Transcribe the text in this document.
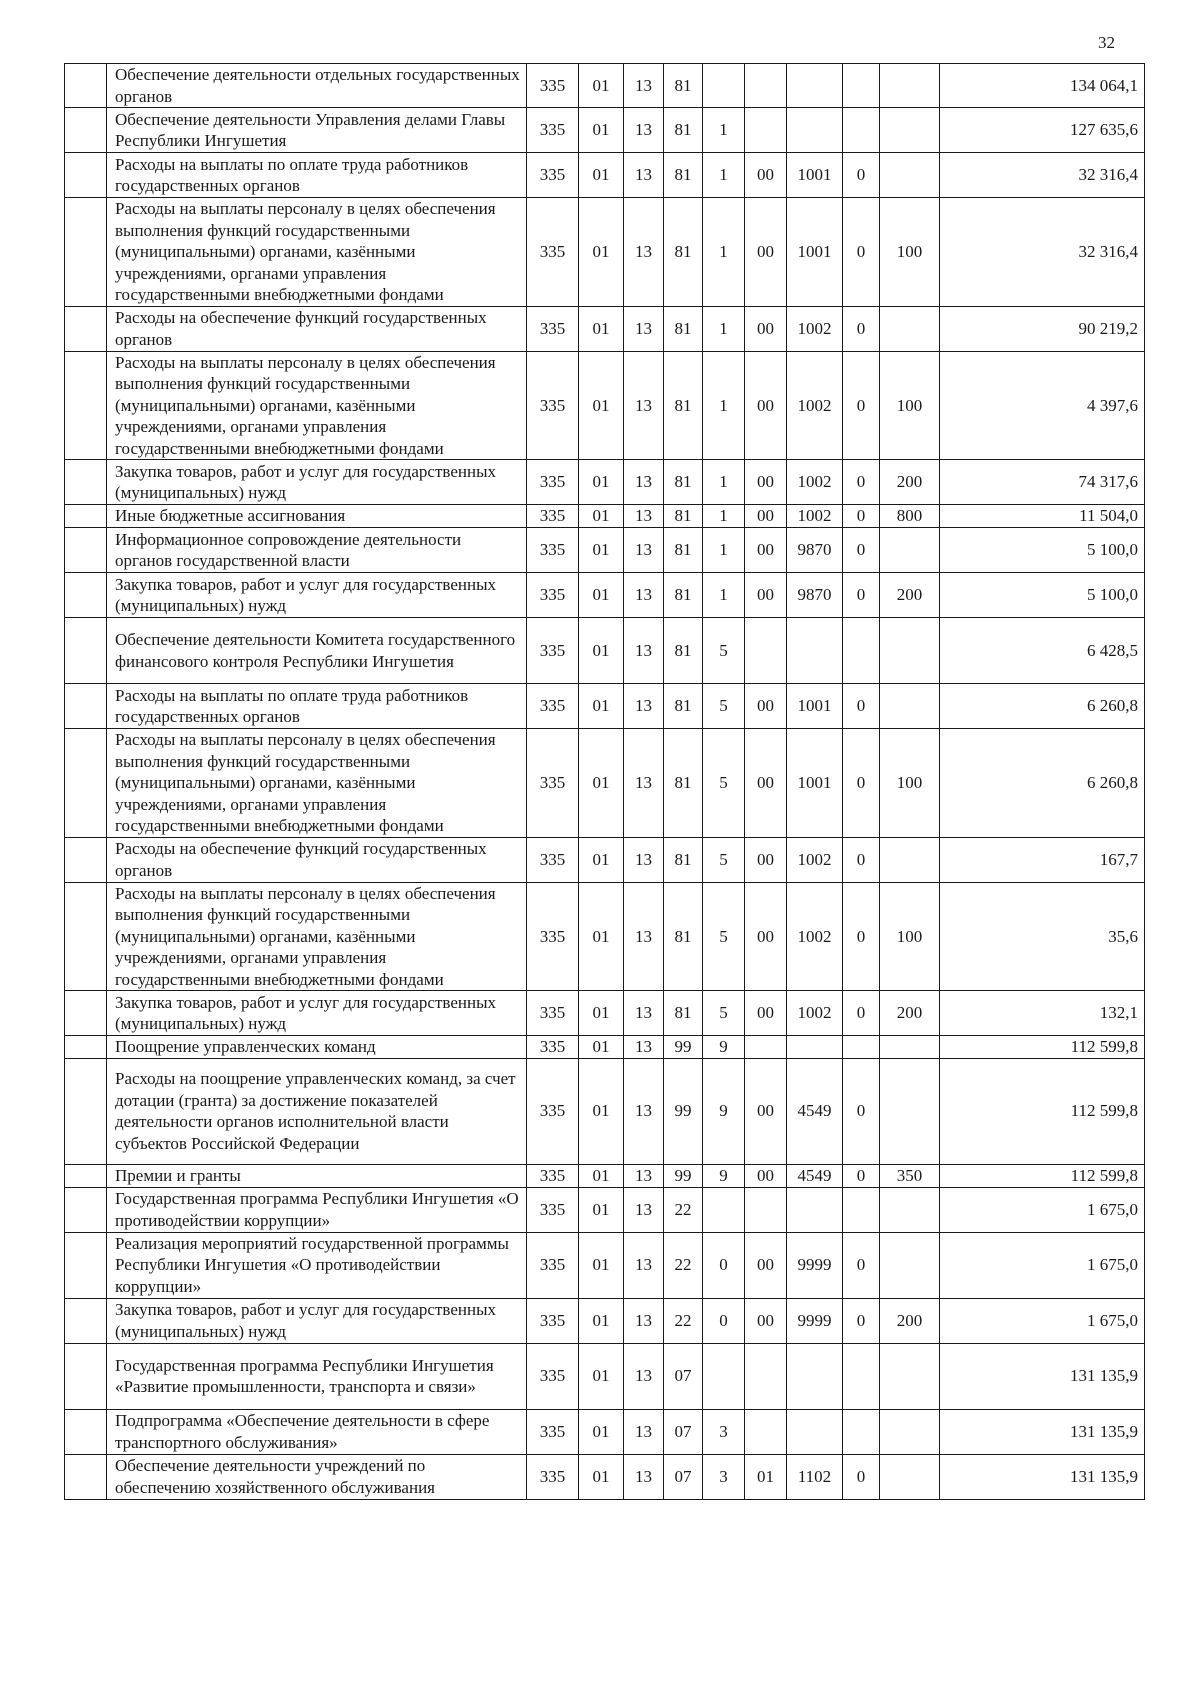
32
	Обеспечение деятельности отдельных государственных органов	335	01	13	81						134 064,1
	Обеспечение деятельности Управления делами Главы Республики Ингушетия	335	01	13	81	1					127 635,6
	Расходы на выплаты по оплате труда работников государственных органов	335	01	13	81	1	00	1001	0		32 316,4
	Расходы на выплаты персоналу в целях обеспечения выполнения функций государственными (муниципальными) органами, казёнными учреждениями, органами управления государственными внебюджетными фондами	335	01	13	81	1	00	1001	0	100	32 316,4
	Расходы на обеспечение функций государственных органов	335	01	13	81	1	00	1002	0		90 219,2
	Расходы на выплаты персоналу в целях обеспечения выполнения функций государственными (муниципальными) органами, казёнными учреждениями, органами управления государственными внебюджетными фондами	335	01	13	81	1	00	1002	0	100	4 397,6
	Закупка товаров, работ и услуг для государственных (муниципальных) нужд	335	01	13	81	1	00	1002	0	200	74 317,6
	Иные бюджетные ассигнования	335	01	13	81	1	00	1002	0	800	11 504,0
	Информационное сопровождение деятельности органов государственной власти	335	01	13	81	1	00	9870	0		5 100,0
	Закупка товаров, работ и услуг для государственных (муниципальных) нужд	335	01	13	81	1	00	9870	0	200	5 100,0
	Обеспечение деятельности Комитета государственного финансового контроля Республики Ингушетия	335	01	13	81	5					6 428,5
	Расходы на выплаты по оплате труда работников государственных органов	335	01	13	81	5	00	1001	0		6 260,8
	Расходы на выплаты персоналу в целях обеспечения выполнения функций государственными (муниципальными) органами, казёнными учреждениями, органами управления государственными внебюджетными фондами	335	01	13	81	5	00	1001	0	100	6 260,8
	Расходы на обеспечение функций государственных органов	335	01	13	81	5	00	1002	0		167,7
	Расходы на выплаты персоналу в целях обеспечения выполнения функций государственными (муниципальными) органами, казёнными учреждениями, органами управления государственными внебюджетными фондами	335	01	13	81	5	00	1002	0	100	35,6
	Закупка товаров, работ и услуг для государственных (муниципальных) нужд	335	01	13	81	5	00	1002	0	200	132,1
	Поощрение управленческих команд	335	01	13	99	9					112 599,8
	Расходы на поощрение управленческих команд, за счет дотации (гранта) за достижение показателей деятельности органов исполнительной власти субъектов Российской Федерации	335	01	13	99	9	00	4549	0		112 599,8
	Премии и гранты	335	01	13	99	9	00	4549	0	350	112 599,8
	Государственная программа Республики Ингушетия «О противодействии коррупции»	335	01	13	22						1 675,0
	Реализация мероприятий государственной программы Республики Ингушетия «О противодействии коррупции»	335	01	13	22	0	00	9999	0		1 675,0
	Закупка товаров, работ и услуг для государственных (муниципальных) нужд	335	01	13	22	0	00	9999	0	200	1 675,0
	Государственная программа Республики Ингушетия «Развитие промышленности, транспорта и связи»	335	01	13	07						131 135,9
	Подпрограмма «Обеспечение деятельности в сфере транспортного обслуживания»	335	01	13	07	3					131 135,9
	Обеспечение деятельности учреждений по обеспечению хозяйственного обслуживания	335	01	13	07	3	01	1102	0		131 135,9
